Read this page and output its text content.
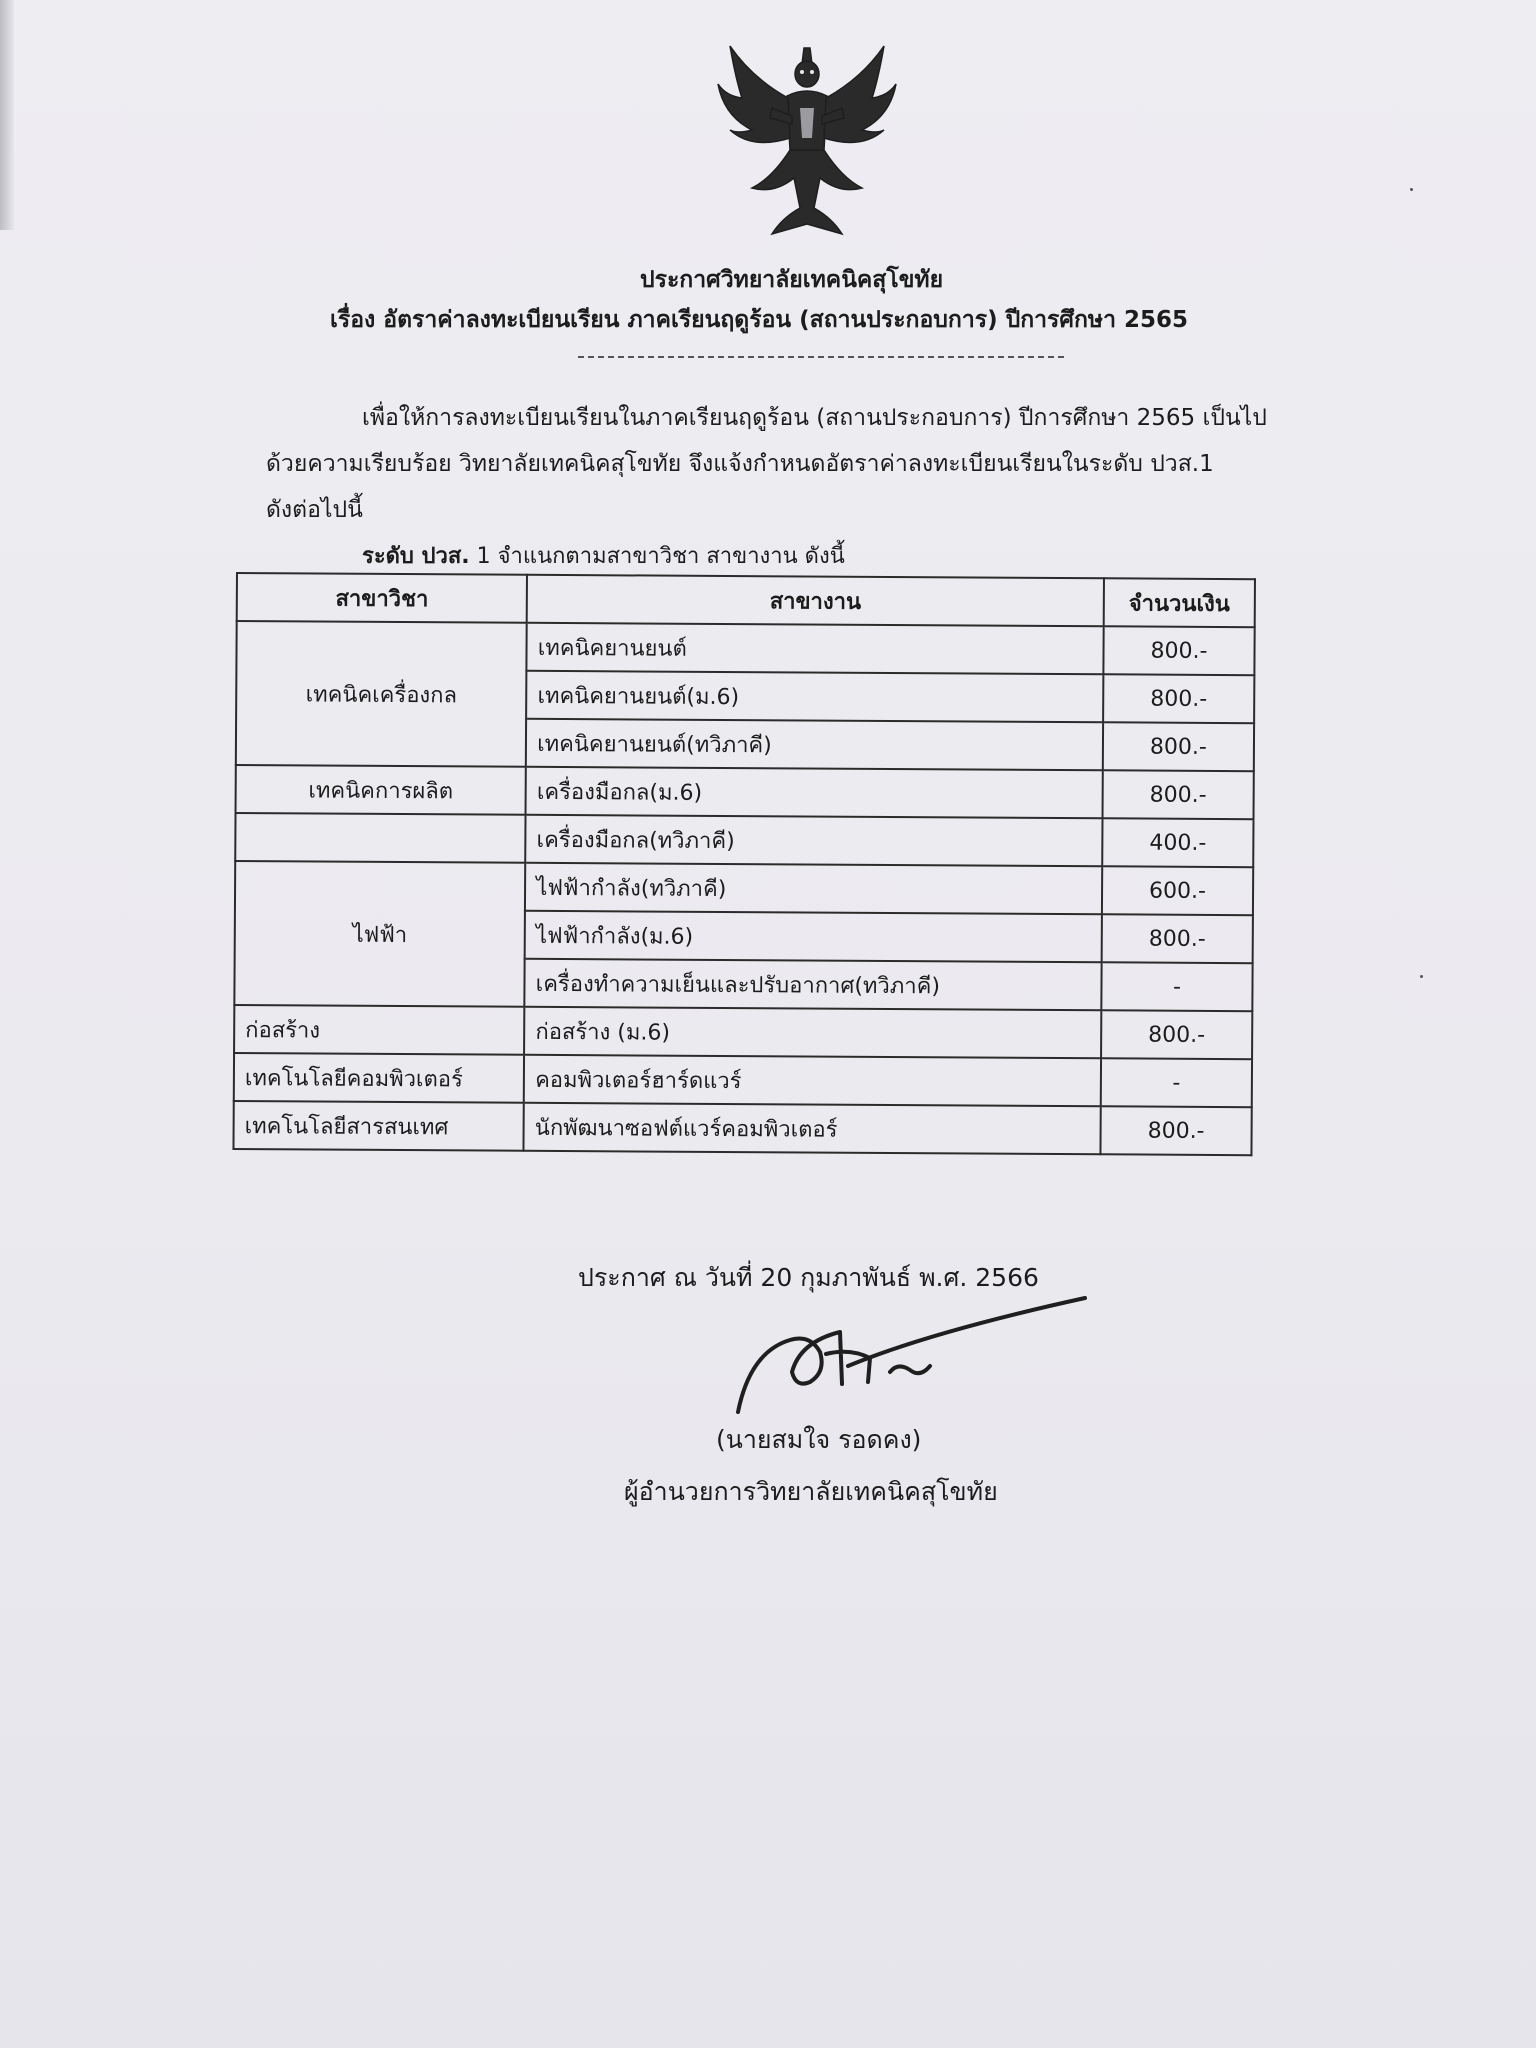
ประกาศวิทยาลัยเทคนิคสุโขทัย
เรื่อง อัตราค่าลงทะเบียนเรียน ภาคเรียนฤดูร้อน (สถานประกอบการ) ปีการศึกษา 2565
เพื่อให้การลงทะเบียนเรียนในภาคเรียนฤดูร้อน (สถานประกอบการ) ปีการศึกษา 2565 เป็นไป
ด้วยความเรียบร้อย วิทยาลัยเทคนิคสุโขทัย จึงแจ้งกำหนดอัตราค่าลงทะเบียนเรียนในระดับ ปวส.1
ดังต่อไปนี้
ระดับ ปวส. 1 จำแนกตามสาขาวิชา สาขางาน ดังนี้
สาขาวิชา	สาขางาน	จำนวนเงิน
เทคนิคเครื่องกล	เทคนิคยานยนต์	800.-
	เทคนิคยานยนต์(ม.6)	800.-
	เทคนิคยานยนต์(ทวิภาคี)	800.-
เทคนิคการผลิต	เครื่องมือกล(ม.6)	800.-
	เครื่องมือกล(ทวิภาคี)	400.-
ไฟฟ้า	ไฟฟ้ากำลัง(ทวิภาคี)	600.-
	ไฟฟ้ากำลัง(ม.6)	800.-
	เครื่องทำความเย็นและปรับอากาศ(ทวิภาคี)	-
ก่อสร้าง	ก่อสร้าง (ม.6)	800.-
เทคโนโลยีคอมพิวเตอร์	คอมพิวเตอร์ฮาร์ดแวร์	-
เทคโนโลยีสารสนเทศ	นักพัฒนาซอฟต์แวร์คอมพิวเตอร์	800.-
ประกาศ ณ วันที่ 20 กุมภาพันธ์ พ.ศ. 2566
(นายสมใจ รอดคง)
ผู้อำนวยการวิทยาลัยเทคนิคสุโขทัย
